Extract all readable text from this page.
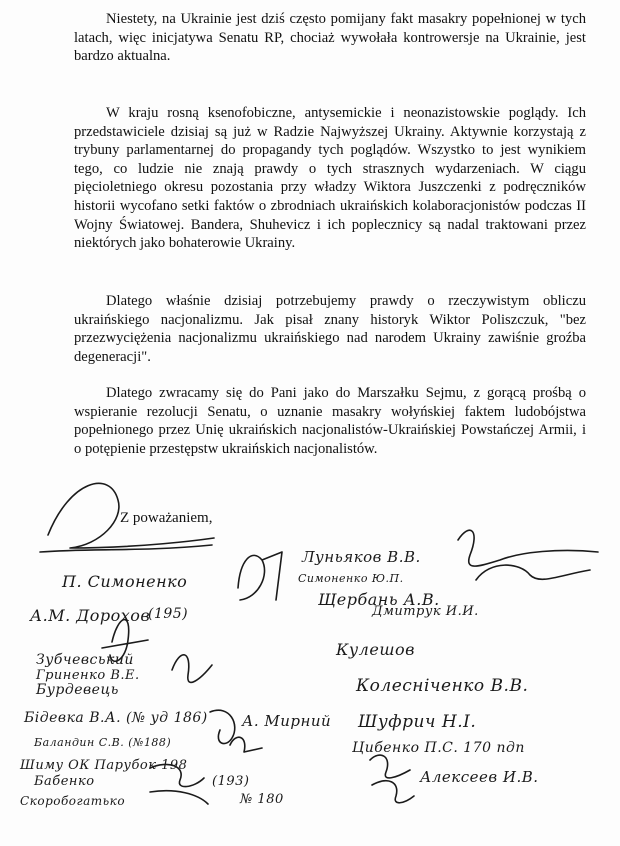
Niestety, na Ukrainie jest dziś często pomijany fakt masakry popełnionej w tych latach, więc inicjatywa Senatu RP, chociaż wywołała kontrowersje na Ukrainie, jest bardzo aktualna.

W kraju rosną ksenofobiczne, antysemickie i neonazistowskie poglądy. Ich przedstawiciele dzisiaj są już w Radzie Najwyższej Ukrainy. Aktywnie korzystają z trybuny parlamentarnej do propagandy tych poglądów. Wszystko to jest wynikiem tego, co ludzie nie znają prawdy o tych strasznych wydarzeniach. W ciągu pięcioletniego okresu pozostania przy władzy Wiktora Juszczenki z podręczników historii wycofano setki faktów o zbrodniach ukraińskich kolaboracjonistów podczas II Wojny Światowej. Bandera, Shuhevicz i ich poplecznicy są nadal traktowani przez niektórych jako bohaterowie Ukrainy.

Dlatego właśnie dzisiaj potrzebujemy prawdy o rzeczywistym obliczu ukraińskiego nacjonalizmu. Jak pisał znany historyk Wiktor Poliszczuk, "bez przezwyciężenia nacjonalizmu ukraińskiego nad narodem Ukrainy zawiśnie groźba degeneracji".

Dlatego zwracamy się do Pani jako do Marszałku Sejmu, z gorącą prośbą o wspieranie rezolucji Senatu, o uznanie masakry wołyńskiej faktem ludobójstwa popełnionego przez Unię ukraińskich nacjonalistów-Ukraińskiej Powstańczej Armii, i o potępienie przestępstw ukraińskich nacjonalistów.

Z poważaniem,
П. Симоненко
Луньяков В.В.
Симоненко Ю.П.
Щербань А.В.
А.М. Дорохов
(195)	Дмитрук И.И.
Зубчевський
Гриненко В.Е.
Кулешов
Бурдевець	Колесніченко В.В.
Бідевка В.А. (№ уд 186) А. Мирний Шуфрич Н.І.
Баландин С.В. (№188)	Цибенко П.С. 170 пдп
Шиму ОК Парубок 198
Бабенко	(193)	Алексеев И.В.
Скоробогатько	№ 180
